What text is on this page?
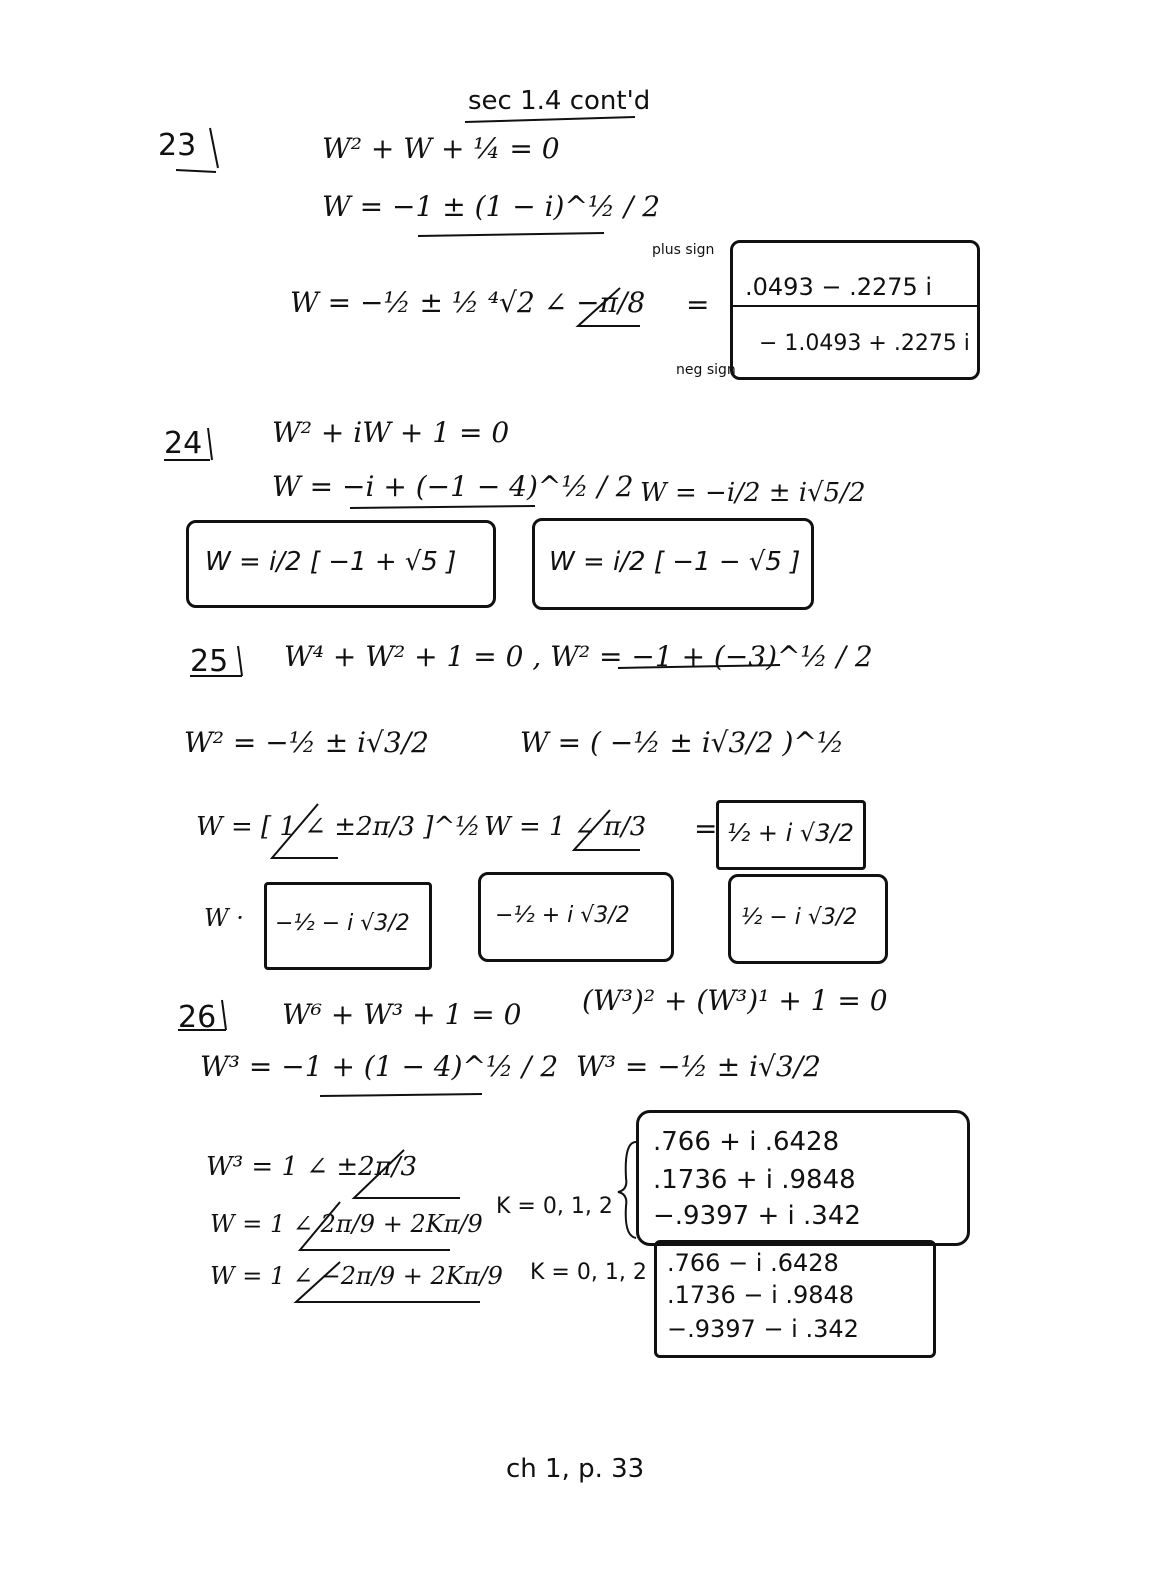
sec 1.4 cont'd
23	W² + W + ¼ = 0
W = −1 ± (1 − i)^½ / 2
W = −½ ± ½ ⁴√2 ∠ −π/8
plus sign
neg sign
=
.0493 − .2275 i
− 1.0493 + .2275 i
24 W² + iW + 1 = 0
W = −i + (−1 − 4)^½ / 2 W = −i/2 ± i√5/2
W = i/2 [ −1 + √5 ]	W = i/2 [ −1 − √5 ]
25 W⁴ + W² + 1 = 0 , W² = −1 + (−3)^½ / 2
W² = −½ ± i√3/2	W = ( −½ ± i√3/2 )^½
W = [ 1 ∠ ±2π/3 ]^½ W = 1 ∠ π/3 = ½ + i √3/2
W · −½ − i √3/2	−½ + i √3/2	½ − i √3/2
26 W⁶ + W³ + 1 = 0 (W³)² + (W³)¹ + 1 = 0
W³ = −1 + (1 − 4)^½ / 2 W³ = −½ ± i√3/2
W³ = 1 ∠ ±2π/3
W = 1 ∠ 2π/9 + 2Kπ/9
K = 0, 1, 2
W = 1 ∠ −2π/9 + 2Kπ/9 K = 0, 1, 2
.766 + i .6428
.1736 + i .9848
−.9397 + i .342
.766 − i .6428
.1736 − i .9848
−.9397 − i .342
ch 1, p. 33
